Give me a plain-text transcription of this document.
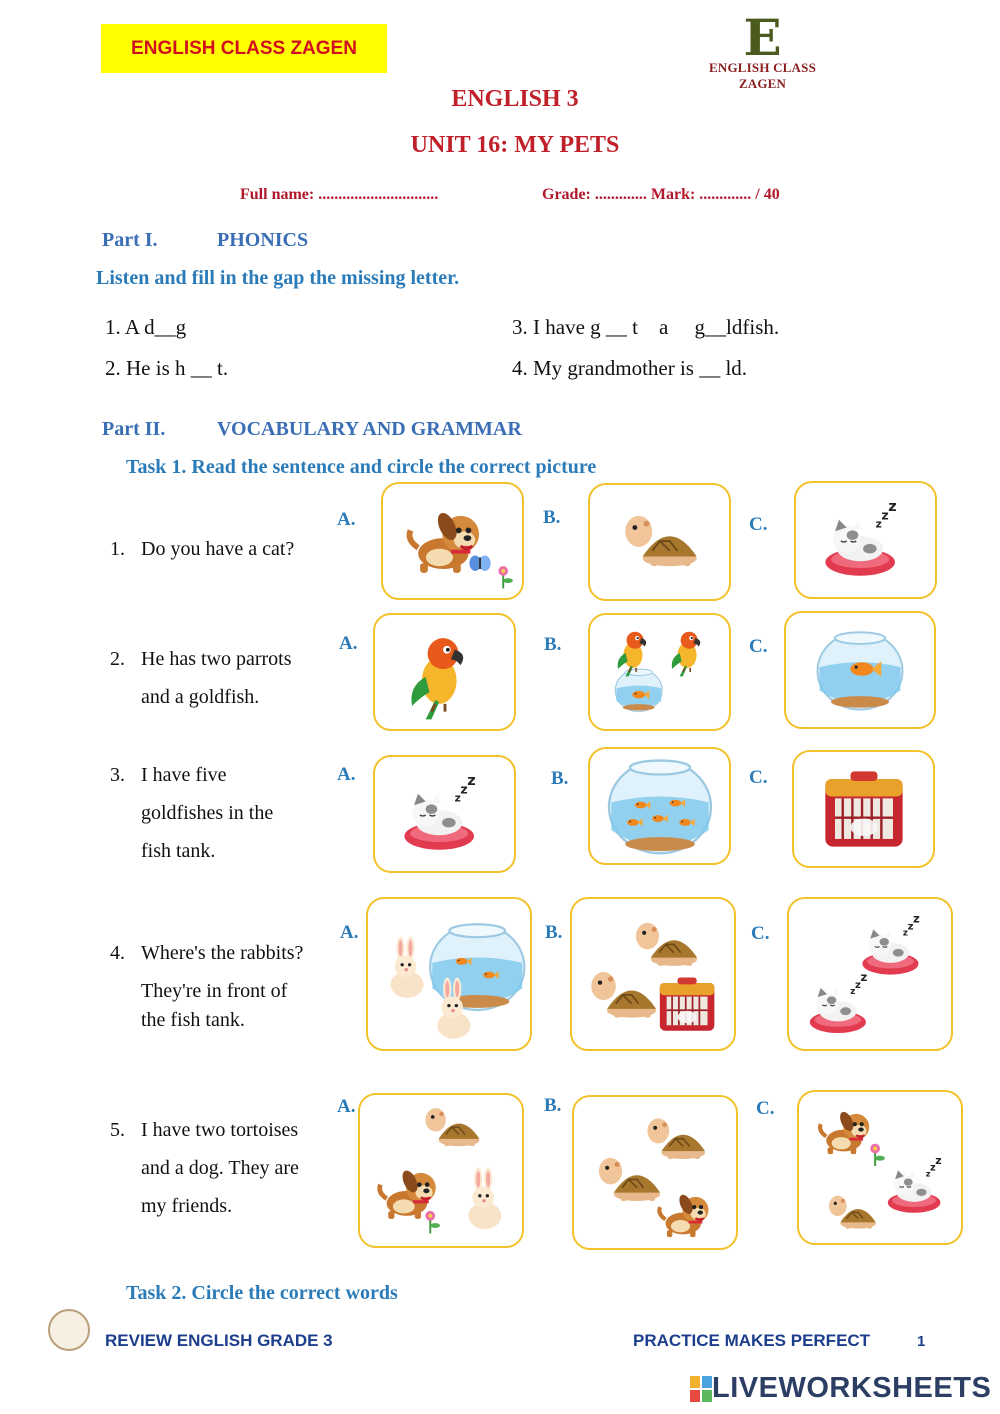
ENGLISH CLASS ZAGEN	E
ENGLISH CLASS ZAGEN
ENGLISH 3
UNIT 16: MY PETS
Full name: ..............................	Grade: ............. Mark: ............. / 40
Part I.	PHONICS
Listen and fill in the gap the missing letter.
1. A d__g
2. He is h __ t.
3. I have g __ t    a     g__ldfish.
4. My grandmother is __ ld.
Part II.	VOCABULARY AND GRAMMAR
Task 1. Read the sentence and circle the correct picture
1. Do you have a cat?
A.	B.	C.
2. He has two parrots
and a goldfish.
A.	B.	C.
3. I have five
goldfishes in the
fish tank.
A.	B.	C.
4. Where's the rabbits?
They're in front of
the fish tank.
A.	B.	C.
5. I have two tortoises
and a dog. They are
my friends.
A.	B.	C.
Task 2. Circle the correct words
REVIEW ENGLISH GRADE 3	PRACTICE MAKES PERFECT	1
LIVEWORKSHEETS
